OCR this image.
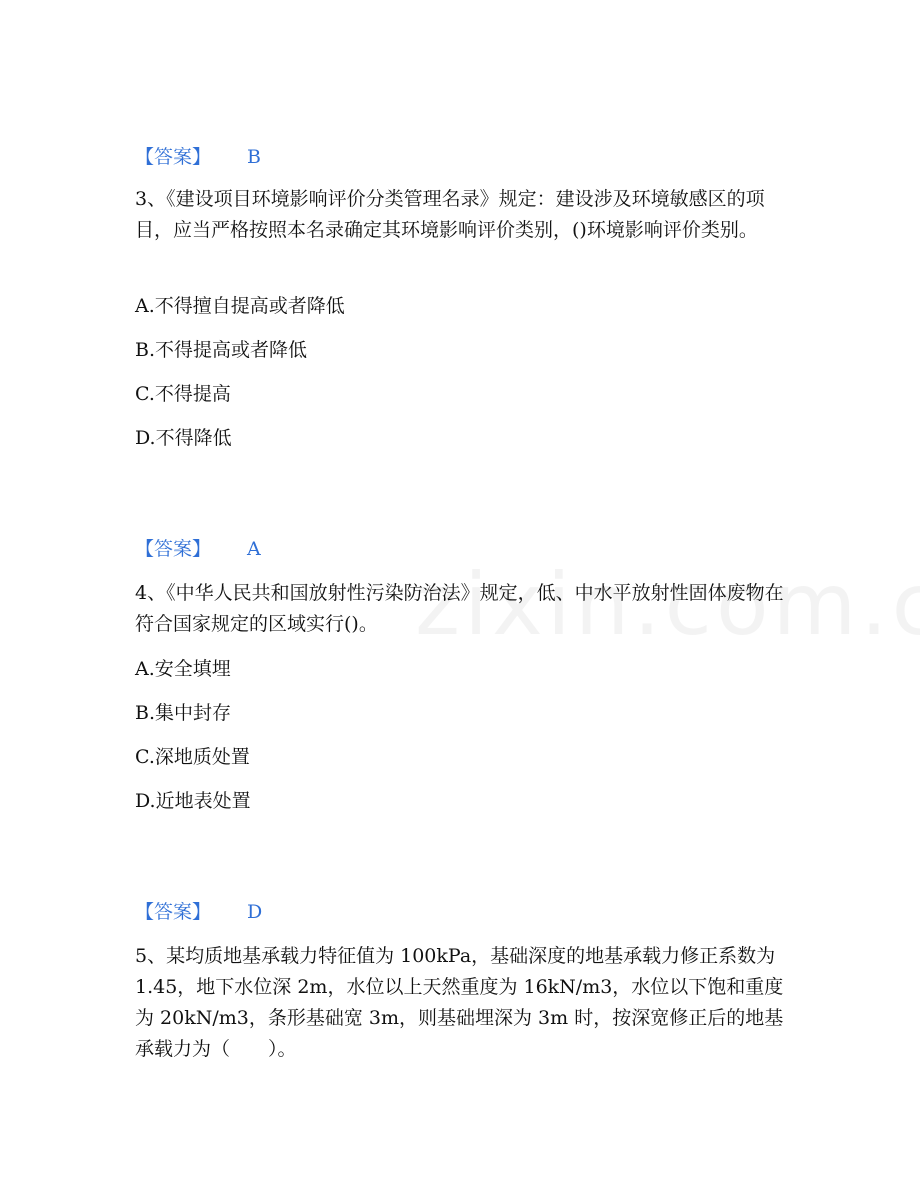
【答案】 B
3、《建设项目环境影响评价分类管理名录》规定：建设涉及环境敏感区的项目，应当严格按照本名录确定其环境影响评价类别，()环境影响评价类别。
A.不得擅自提高或者降低
B.不得提高或者降低
C.不得提高
D.不得降低
【答案】 A
4、《中华人民共和国放射性污染防治法》规定，低、中水平放射性固体废物在符合国家规定的区域实行()。
A.安全填埋
B.集中封存
C.深地质处置
D.近地表处置
【答案】 D
5、某均质地基承载力特征值为 100kPa，基础深度的地基承载力修正系数为 1.45，地下水位深 2m，水位以上天然重度为 16kN/m3，水位以下饱和重度为 20kN/m3，条形基础宽 3m，则基础埋深为 3m 时，按深宽修正后的地基承载力为（　　）。
